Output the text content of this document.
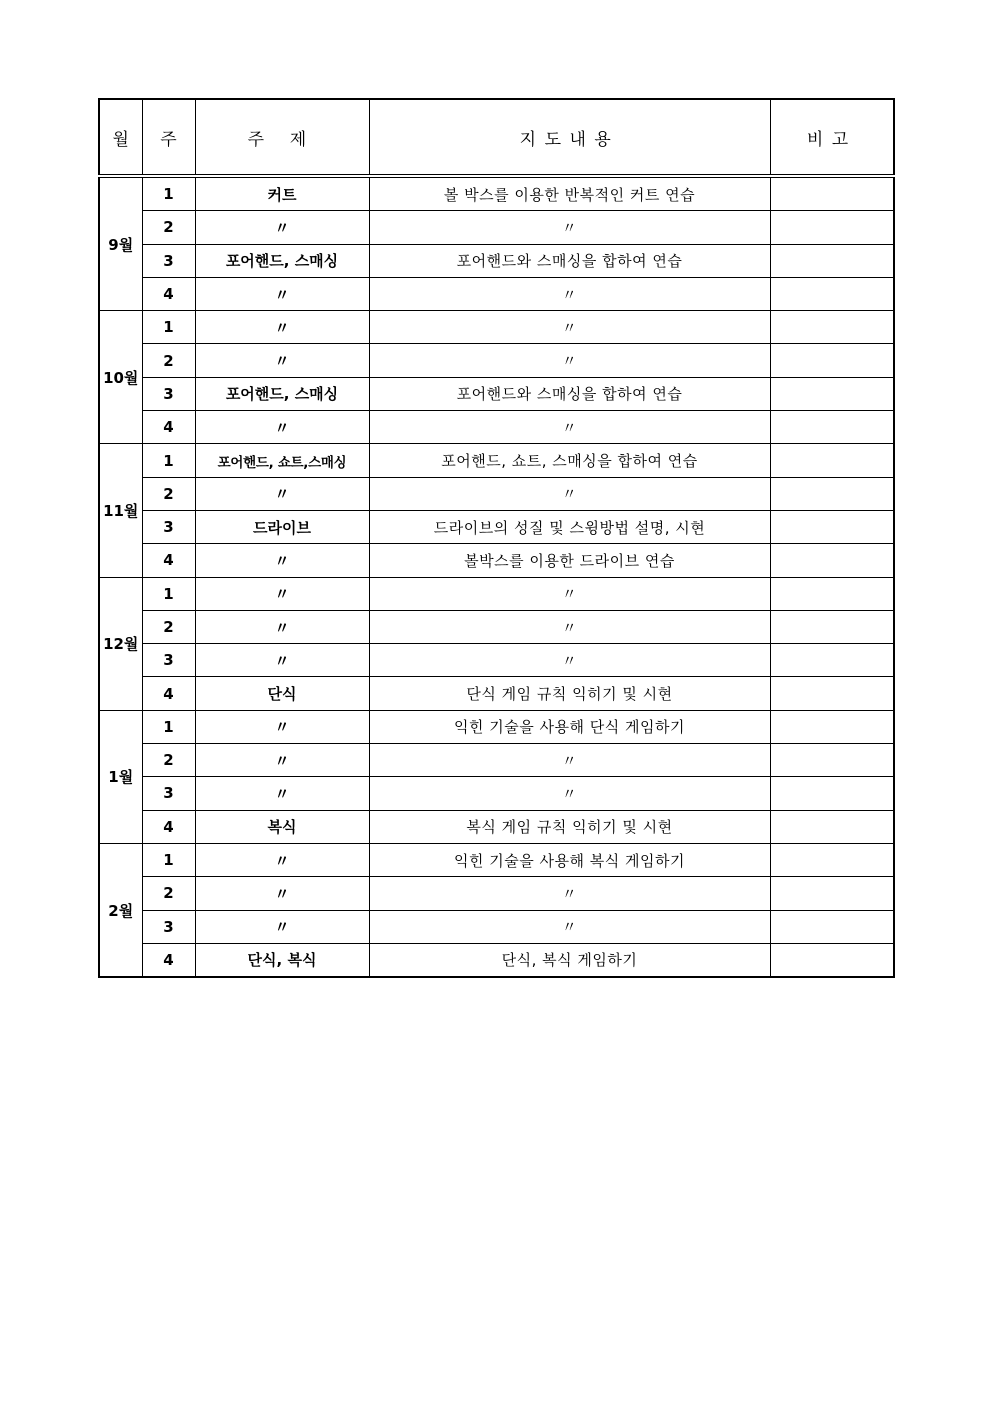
월	주	주 제	지도내용	비고
9월	1	커트	볼 박스를 이용한 반복적인 커트 연습	
	2	〃	〃	
	3	포어핸드, 스매싱	포어핸드와 스매싱을 합하여 연습	
	4	〃	〃	
10월	1	〃	〃	
	2	〃	〃	
	3	포어핸드, 스매싱	포어핸드와 스매싱을 합하여 연습	
	4	〃	〃	
11월	1	포어핸드, 쇼트,스매싱	포어핸드, 쇼트, 스매싱을 합하여 연습	
	2	〃	〃	
	3	드라이브	드라이브의 성질 및 스윙방법 설명, 시현	
	4	〃	볼박스를 이용한 드라이브 연습	
12월	1	〃	〃	
	2	〃	〃	
	3	〃	〃	
	4	단식	단식 게임 규칙 익히기 및 시현	
1월	1	〃	익힌 기술을 사용해 단식 게임하기	
	2	〃	〃	
	3	〃	〃	
	4	복식	복식 게임 규칙 익히기 및 시현	
2월	1	〃	익힌 기술을 사용해 복식 게임하기	
	2	〃	〃	
	3	〃	〃	
	4	단식, 복식	단식, 복식 게임하기	
